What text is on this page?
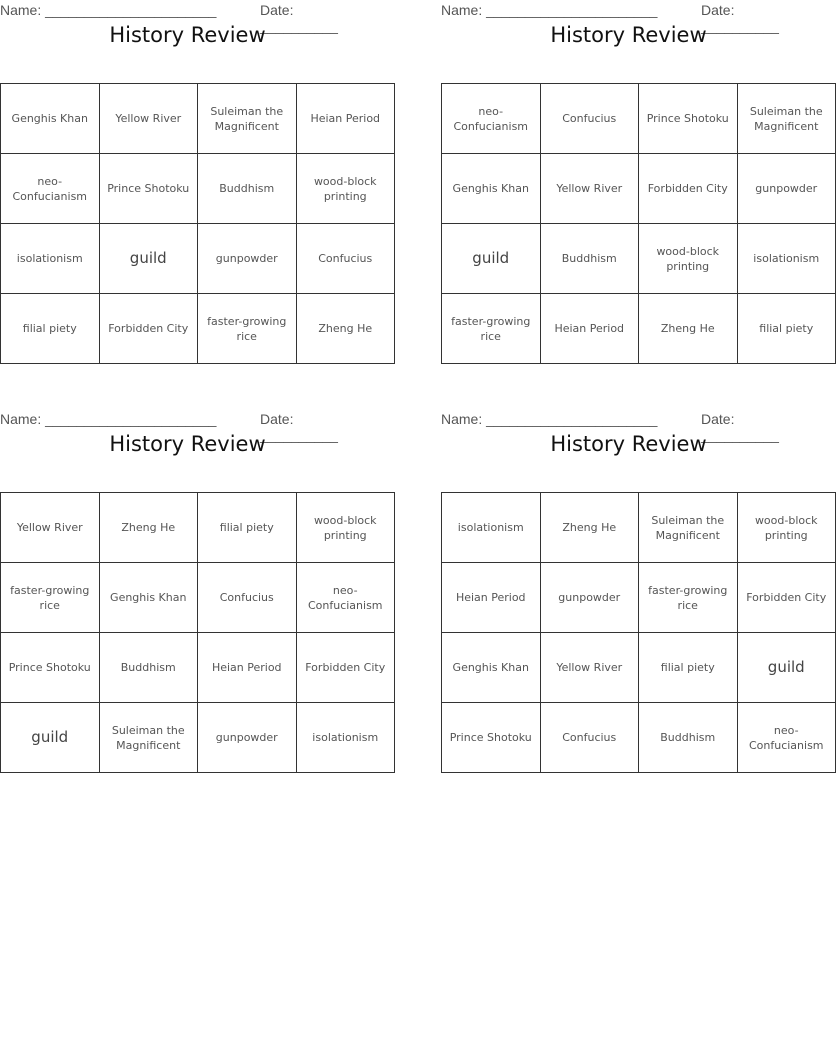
Name: ______________________	Date: __________
History Review
Genghis Khan	Yellow River	Suleiman the Magnificent	Heian Period
neo-Confucianism	Prince Shotoku	Buddhism	wood-block printing
isolationism	guild	gunpowder	Confucius
filial piety	Forbidden City	faster-growing rice	Zheng He
Name: ______________________	Date: __________
History Review
neo-Confucianism	Confucius	Prince Shotoku	Suleiman the Magnificent
Genghis Khan	Yellow River	Forbidden City	gunpowder
guild	Buddhism	wood-block printing	isolationism
faster-growing rice	Heian Period	Zheng He	filial piety
Name: ______________________	Date: __________
History Review
Yellow River	Zheng He	filial piety	wood-block printing
faster-growing rice	Genghis Khan	Confucius	neo-Confucianism
Prince Shotoku	Buddhism	Heian Period	Forbidden City
guild	Suleiman the Magnificent	gunpowder	isolationism
Name: ______________________	Date: __________
History Review
isolationism	Zheng He	Suleiman the Magnificent	wood-block printing
Heian Period	gunpowder	faster-growing rice	Forbidden City
Genghis Khan	Yellow River	filial piety	guild
Prince Shotoku	Confucius	Buddhism	neo-Confucianism
